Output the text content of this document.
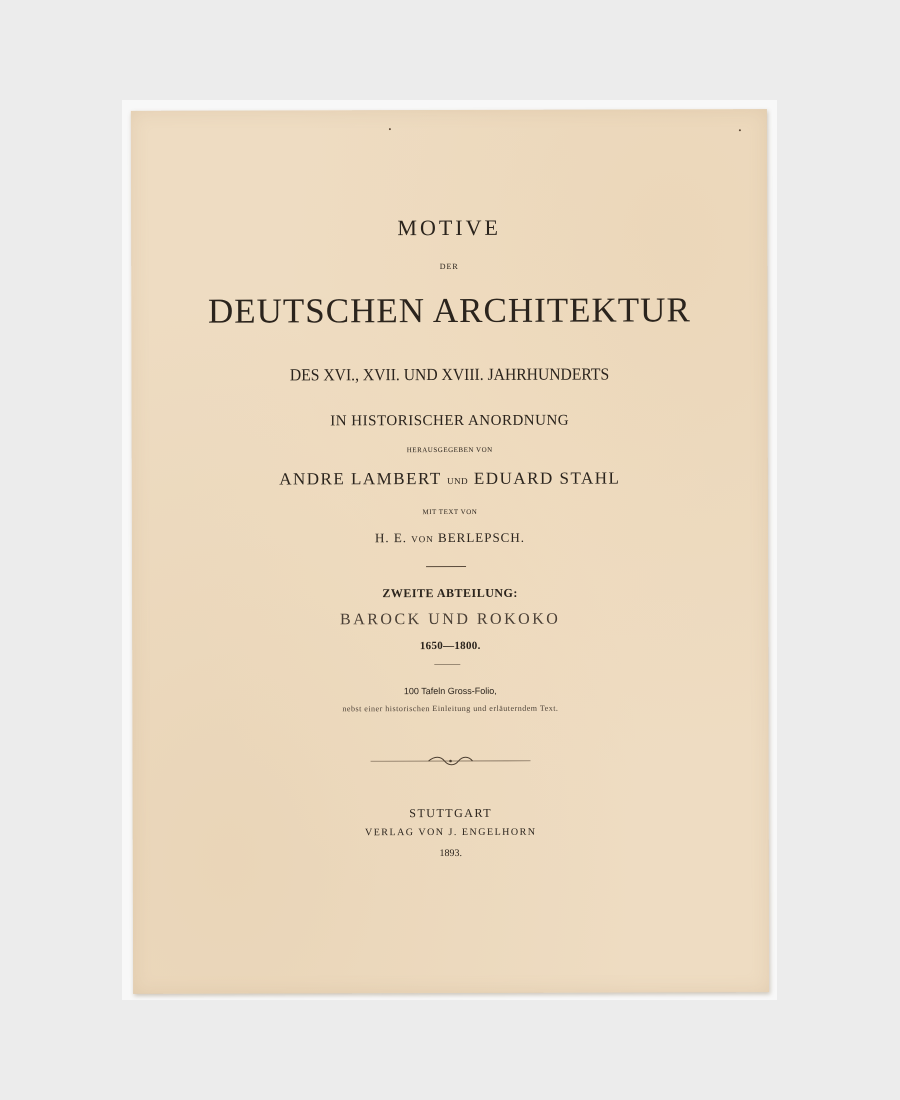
MOTIVE
DER
DEUTSCHEN ARCHITEKTUR
DES XVI., XVII. UND XVIII. JAHRHUNDERTS
IN HISTORISCHER ANORDNUNG
HERAUSGEGEBEN VON
ANDRE LAMBERT UND EDUARD STAHL
MIT TEXT VON
H. E. VON BERLEPSCH.
ZWEITE ABTEILUNG:
BAROCK UND ROKOKO
1650—1800.
100 Tafeln Gross-Folio,
nebst einer historischen Einleitung und erläuterndem Text.
STUTTGART
VERLAG VON J. ENGELHORN
1893.
